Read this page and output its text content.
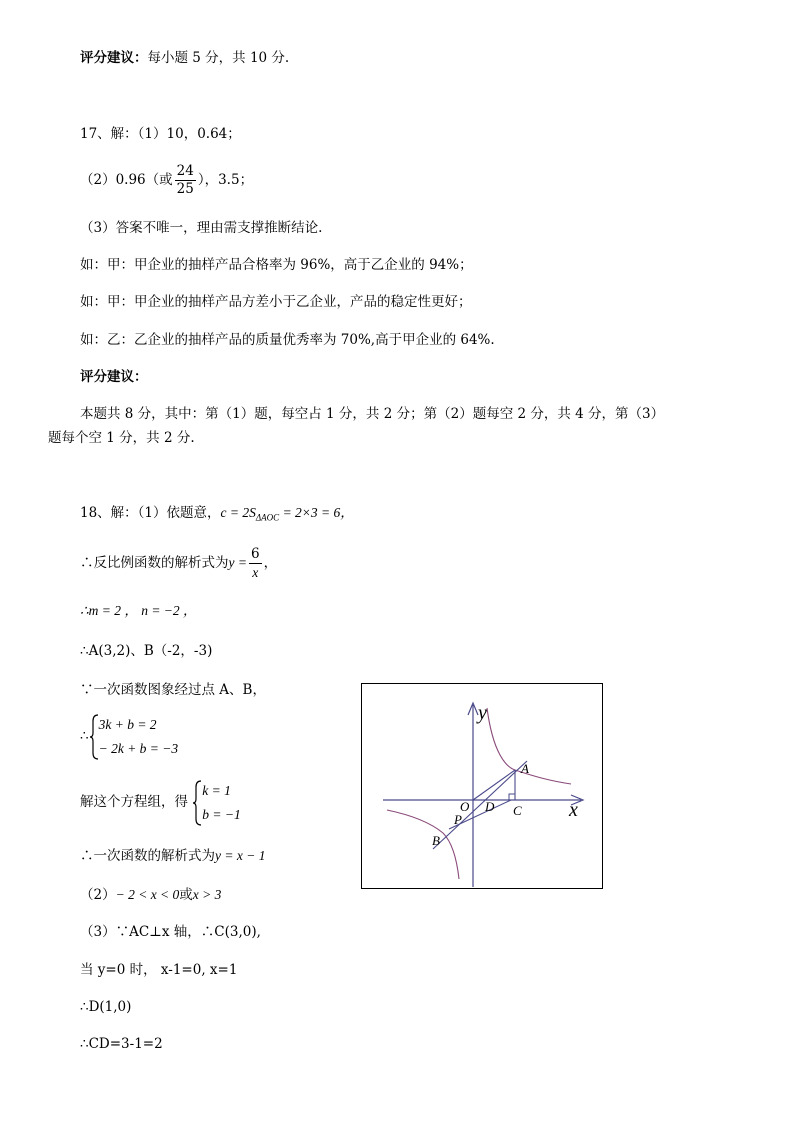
评分建议：每小题 5 分，共 10 分.
17、解：（1）10，0.64；
（2）0.96（或 $\frac{24}{25}$ ），3.5；
（3）答案不唯一，理由需支撑推断结论.
如：甲：甲企业的抽样产品合格率为 96%，高于乙企业的 94%；
如：甲：甲企业的抽样产品方差小于乙企业，产品的稳定性更好；
如：乙：乙企业的抽样产品的质量优秀率为 70%,高于甲企业的 64%.
评分建议：
本题共 8 分，其中：第（1）题，每空占 1 分，共 2 分；第（2）题每空 2 分，共 4 分，第（3）
题每个空 1 分，共 2 分.
18、解：（1）依题意，$c = 2S_{\Delta AOC} = 2\times 3 = 6$，
∴反比例函数的解析式为$y = \frac{6}{x}$ ，
∴m = 2 ， n = −2 ，
∴A(3,2)、B（-2，-3)
∵一次函数图象经过点 A、B，
∴
3k + b = 2
− 2k + b = −3
解这个方程组，得
k = 1
b = −1
∴一次函数的解析式为y = x − 1
（2）− 2 < x < 0或x > 3
（3）∵AC⊥x 轴，∴C(3,0),
当 y=0 时， x-1=0, x=1
∴D(1,0)
∴CD=3-1=2
y
x
A
O D C
P
B
